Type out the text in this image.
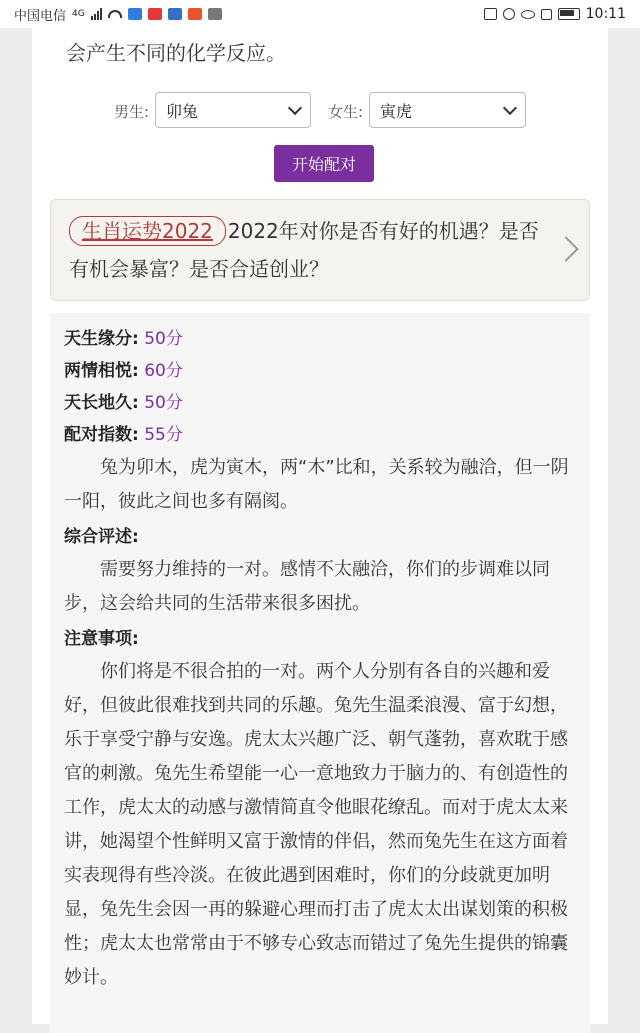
中国电信 4G	10:11
会产生不同的化学反应。
男生: 卯兔	女生: 寅虎
开始配对
生肖运势2022 2022年对你是否有好的机遇？是否有机会暴富？是否合适创业？
天生缘分: 50分
两情相悦: 60分
天长地久: 50分
配对指数: 55分

兔为卯木，虎为寅木，两“木”比和，关系较为融洽，但一阴一阳，彼此之间也多有隔阂。

综合评述:

需要努力维持的一对。感情不太融洽，你们的步调难以同步，这会给共同的生活带来很多困扰。

注意事项:

你们将是不很合拍的一对。两个人分别有各自的兴趣和爱好，但彼此很难找到共同的乐趣。兔先生温柔浪漫、富于幻想，乐于享受宁静与安逸。虎太太兴趣广泛、朝气蓬勃，喜欢耽于感官的刺激。兔先生希望能一心一意地致力于脑力的、有创造性的工作，虎太太的动感与激情简直令他眼花缭乱。而对于虎太太来讲，她渴望个性鲜明又富于激情的伴侣，然而兔先生在这方面着实表现得有些冷淡。在彼此遇到困难时，你们的分歧就更加明显，兔先生会因一再的躲避心理而打击了虎太太出谋划策的积极性；虎太太也常常由于不够专心致志而错过了兔先生提供的锦囊妙计。
